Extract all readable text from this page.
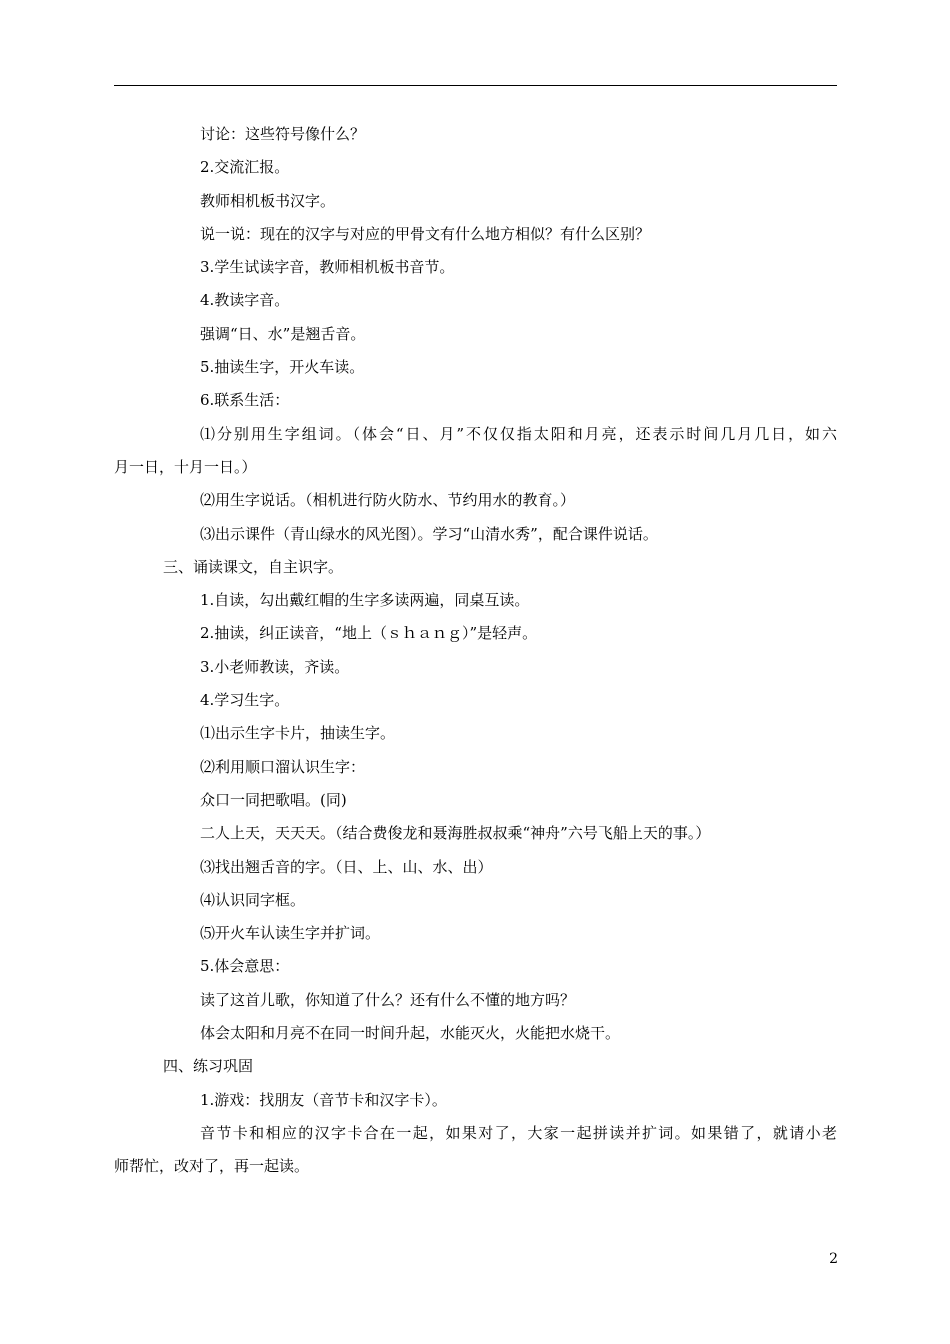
讨论：这些符号像什么？
2.交流汇报。
教师相机板书汉字。
说一说：现在的汉字与对应的甲骨文有什么地方相似？有什么区别？
3.学生试读字音，教师相机板书音节。
4.教读字音。
强调“日、水”是翘舌音。
5.抽读生字，开火车读。
6.联系生活：
⑴分别用生字组词。（体会“日、月”不仅仅指太阳和月亮，还表示时间几月几日，如六
月一日，十月一日。）
⑵用生字说话。（相机进行防火防水、节约用水的教育。）
⑶出示课件（青山绿水的风光图）。学习“山清水秀”，配合课件说话。
三、诵读课文，自主识字。
1.自读，勾出戴红帽的生字多读两遍，同桌互读。
2.抽读，纠正读音，“地上（ｓｈａｎｇ）”是轻声。
3.小老师教读，齐读。
4.学习生字。
⑴出示生字卡片，抽读生字。
⑵利用顺口溜认识生字：
众口一同把歌唱。(同)
二人上天，天天天。（结合费俊龙和聂海胜叔叔乘“神舟”六号飞船上天的事。）
⑶找出翘舌音的字。（日、上、山、水、出）
⑷认识同字框。
⑸开火车认读生字并扩词。
5.体会意思：
读了这首儿歌，你知道了什么？还有什么不懂的地方吗？
体会太阳和月亮不在同一时间升起，水能灭火，火能把水烧干。
四、练习巩固
1.游戏：找朋友（音节卡和汉字卡）。
音节卡和相应的汉字卡合在一起，如果对了，大家一起拼读并扩词。如果错了，就请小老
师帮忙，改对了，再一起读。
2
